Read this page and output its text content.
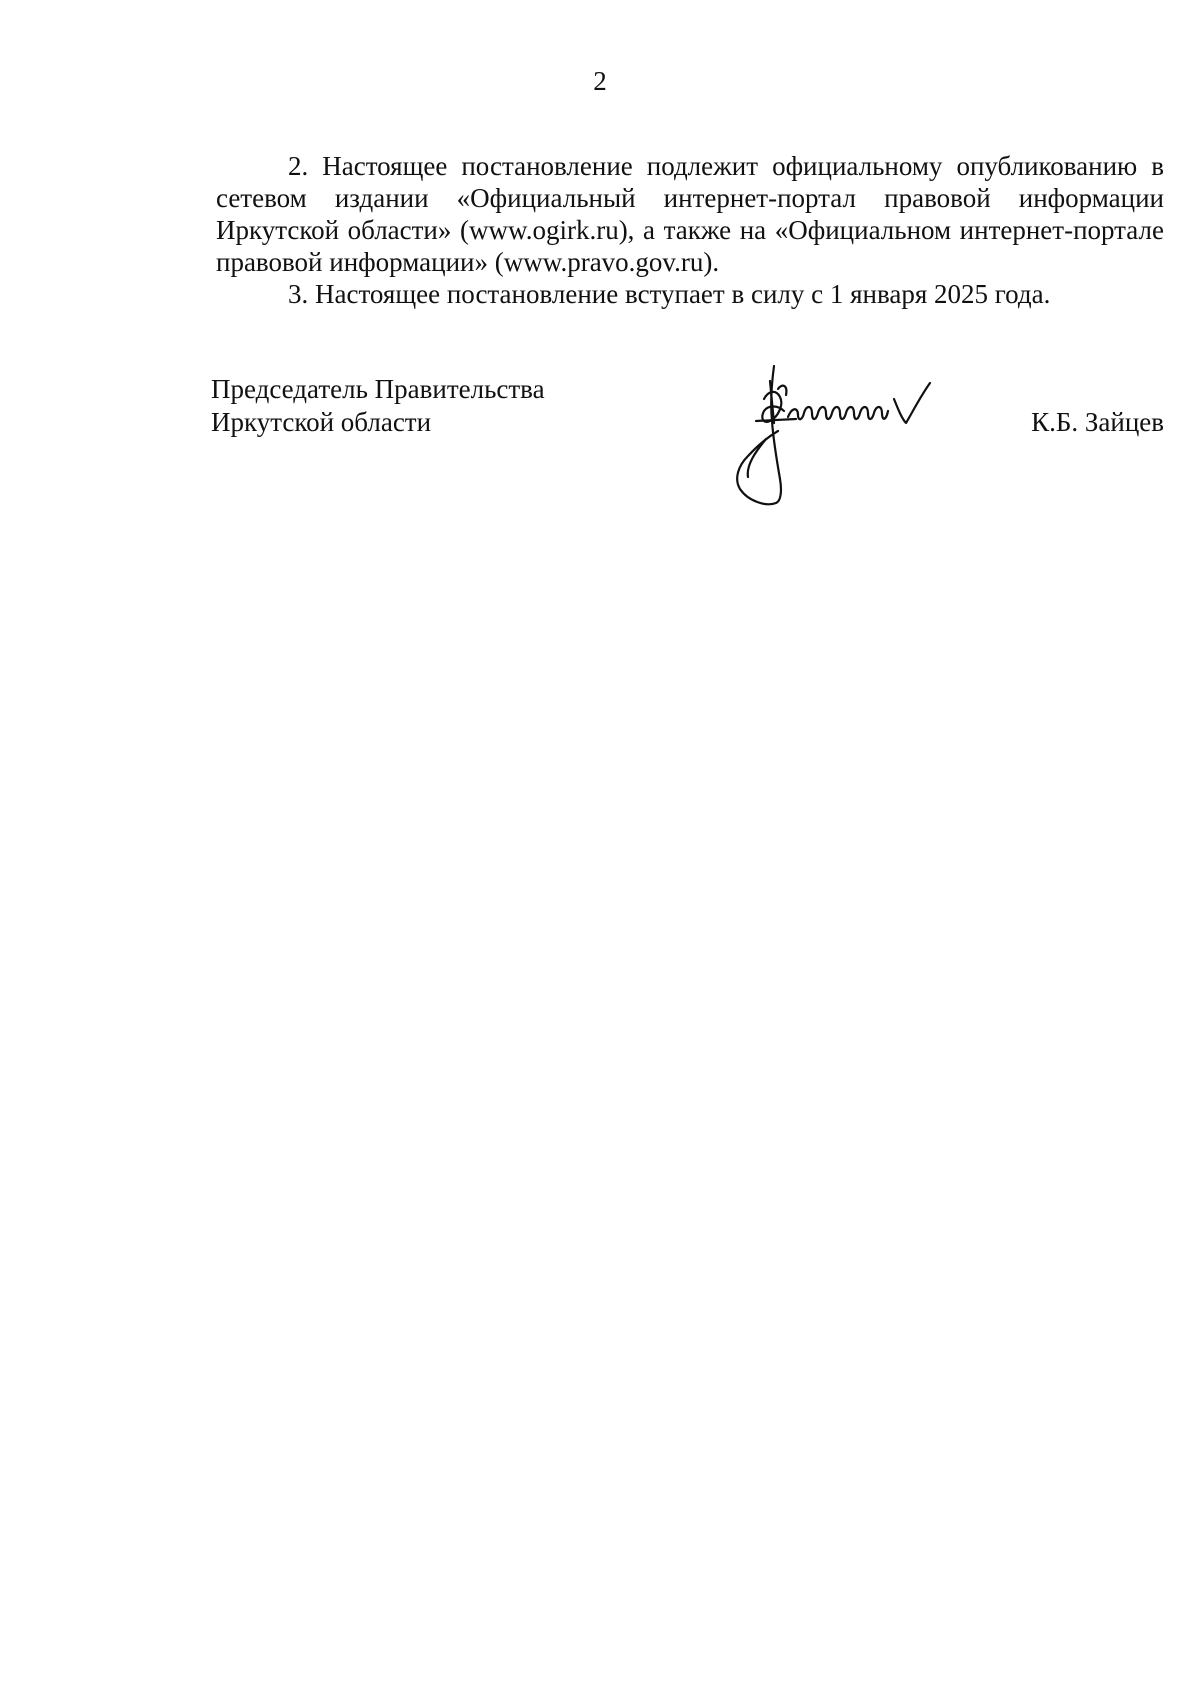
2

2. Настоящее постановление подлежит официальному опубликованию в сетевом издании «Официальный интернет-портал правовой информации Иркутской области» (www.ogirk.ru), а также на «Официальном интернет-портале правовой информации» (www.pravo.gov.ru).

3. Настоящее постановление вступает в силу с 1 января 2025 года.

Председатель Правительства
Иркутской области	К.Б. Зайцев
